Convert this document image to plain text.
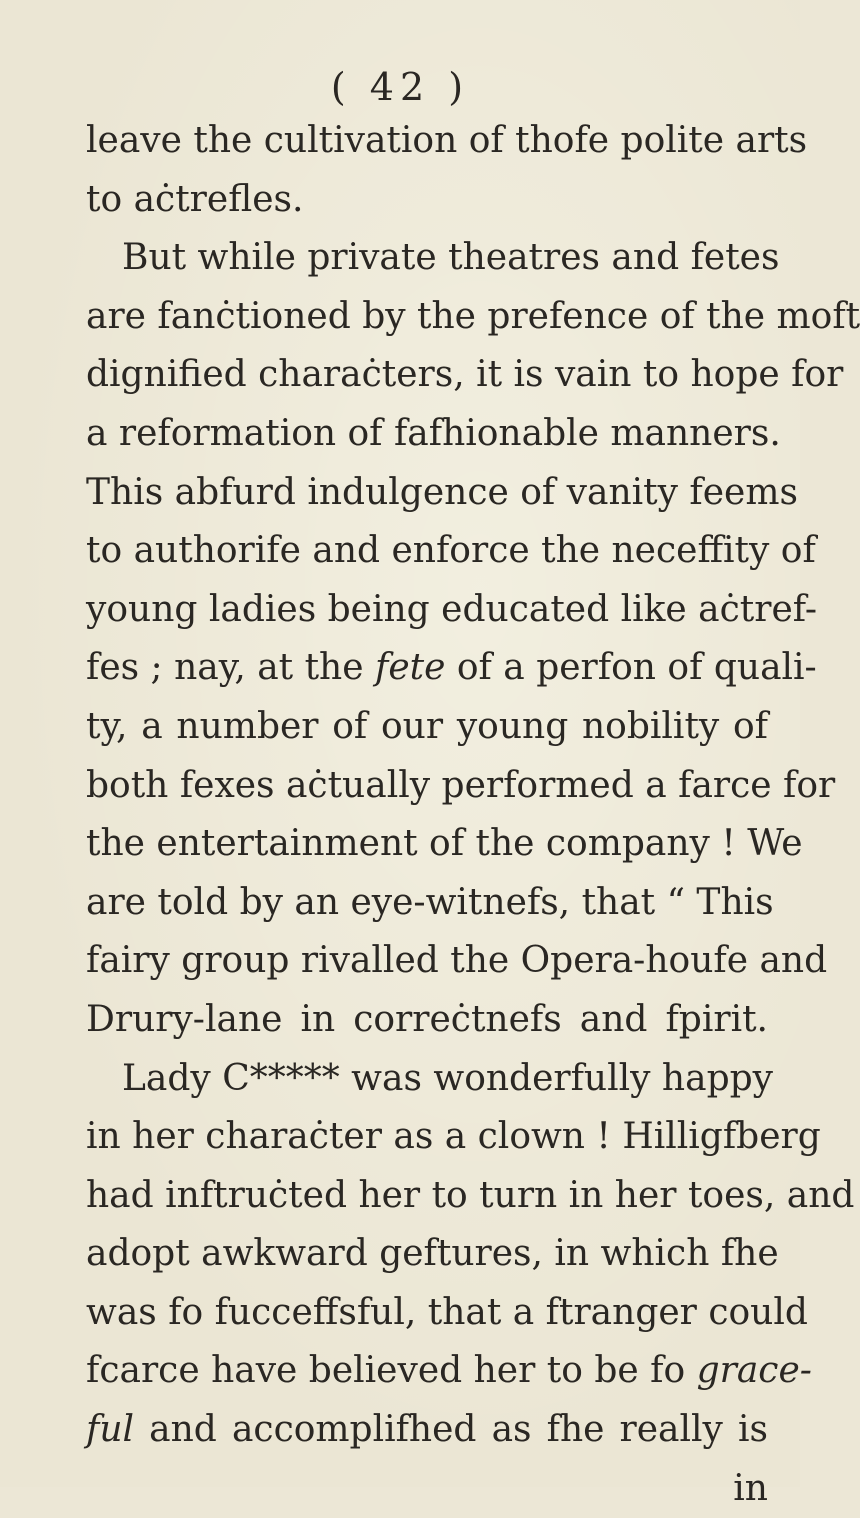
( 42 )
leave the cultivation of thofe polite arts
to aċtrefles.
But while private theatres and fetes
are fanċtioned by the prefence of the moft
dignified charaċters, it is vain to hope for
a reformation of fafhionable manners.
This abfurd indulgence of vanity feems
to authorife and enforce the neceffity of
young ladies being educated like aċtref-
fes ; nay, at the fete of a perfon of quali-
ty, a number of our young nobility of
both fexes aċtually performed a farce for
the entertainment of the company ! We
are told by an eye-witnefs, that “ This
fairy group rivalled the Opera-houfe and
Drury-lane in correċtnefs and fpirit.
Lady C***** was wonderfully happy
in her charaċter as a clown ! Hilligfberg
had inftruċted her to turn in her toes, and
adopt awkward geftures, in which fhe
was fo fucceffsful, that a ftranger could
fcarce have believed her to be fo grace-
ful and accomplifhed as fhe really is
in
